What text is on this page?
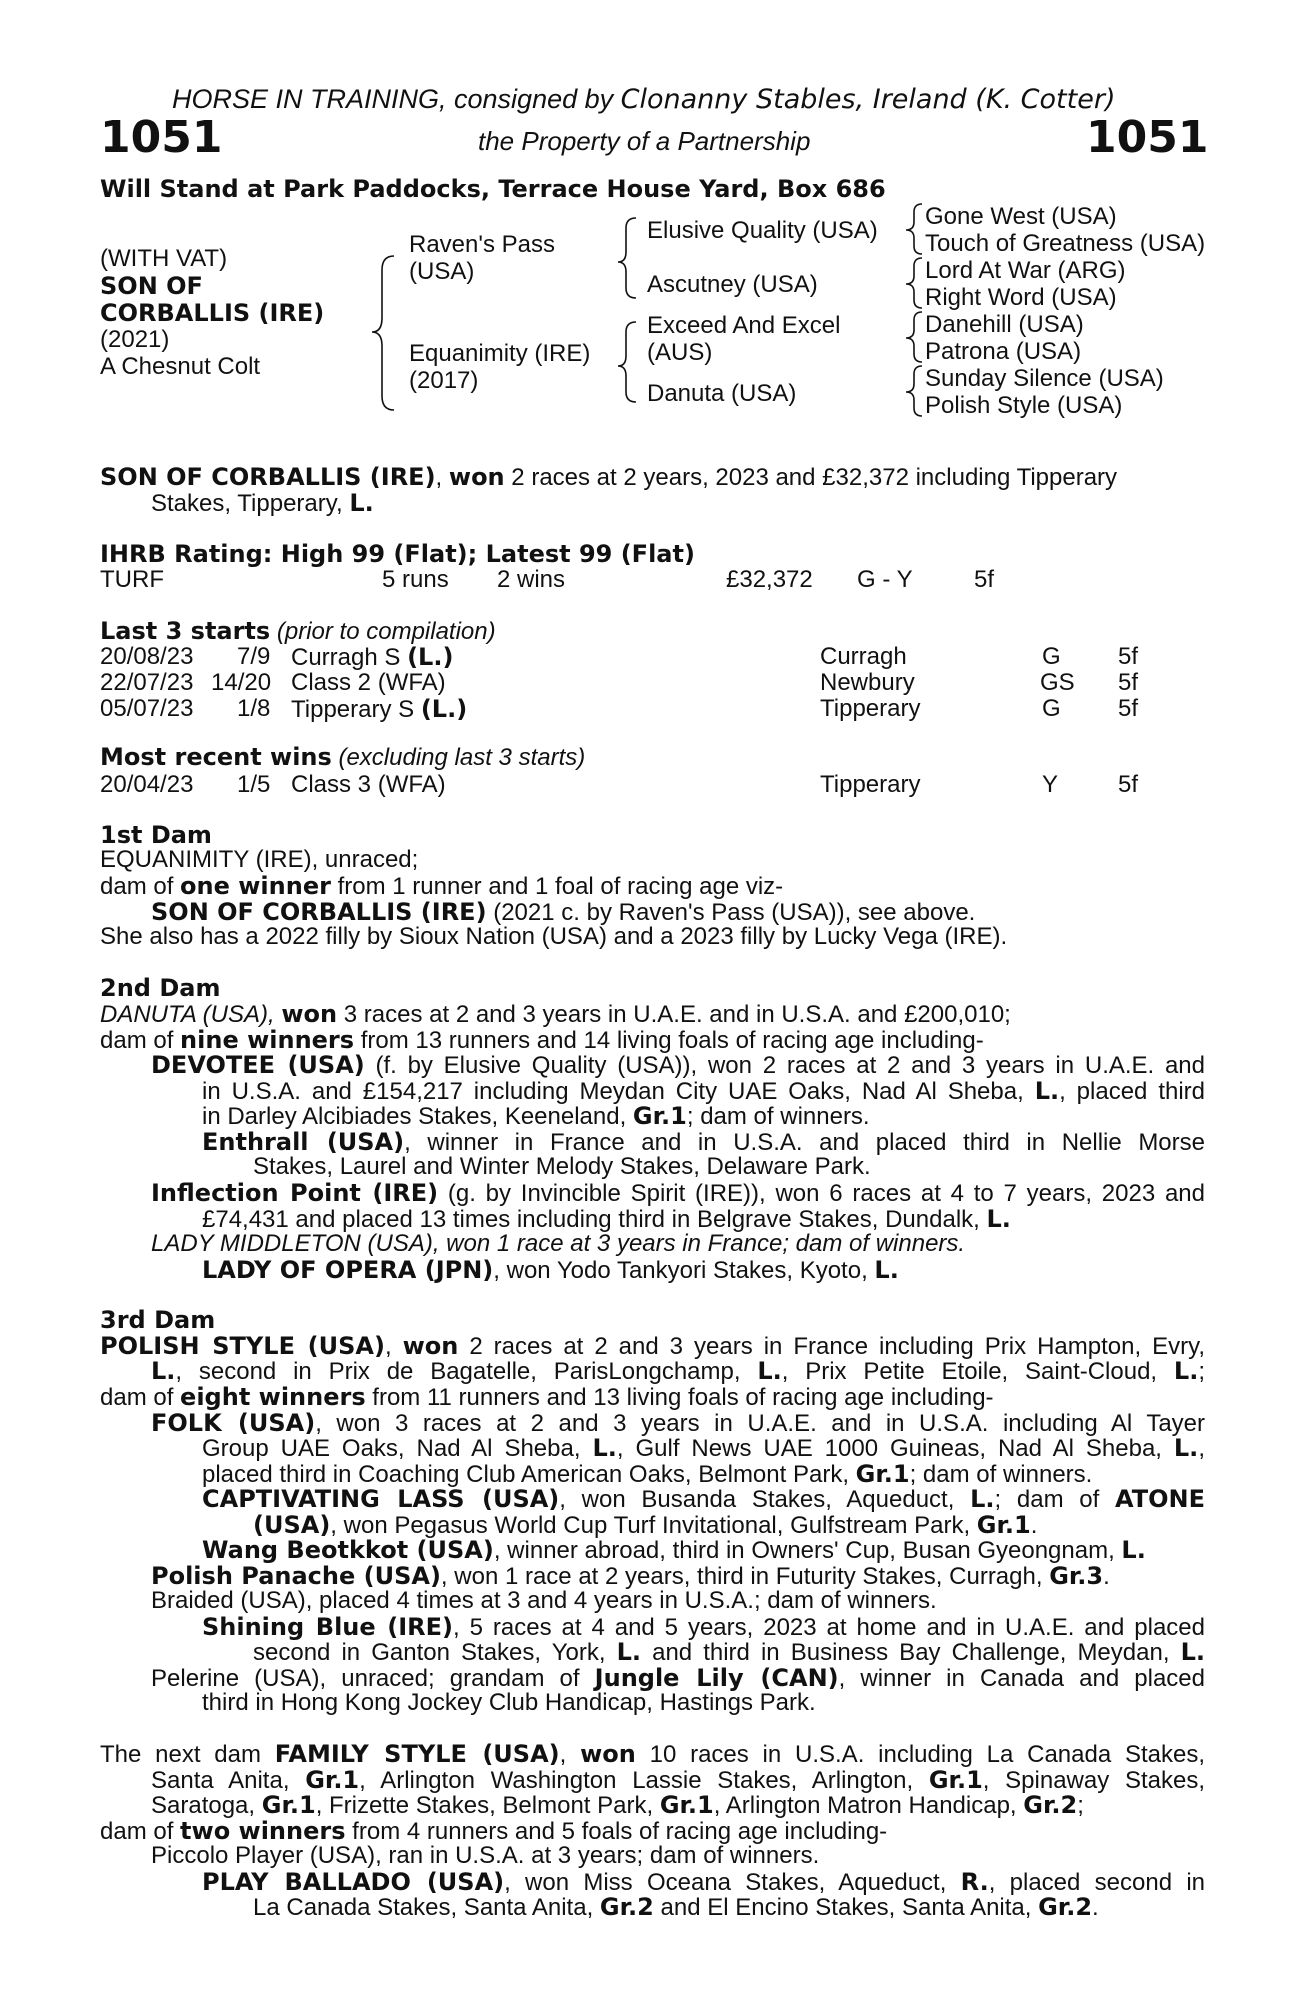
HORSE IN TRAINING, consigned by Clonanny Stables, Ireland (K. Cotter)
1051	the Property of a Partnership	1051
Will Stand at Park Paddocks, Terrace House Yard, Box 686
(WITH VAT)
SON OF
CORBALLIS (IRE)
(2021)
A Chesnut Colt
Raven's Pass
(USA)
Equanimity (IRE)
(2017)
Elusive Quality (USA)
Ascutney (USA)
Exceed And Excel
(AUS)
Danuta (USA)
Gone West (USA)
Touch of Greatness (USA)
Lord At War (ARG)
Right Word (USA)
Danehill (USA)
Patrona (USA)
Sunday Silence (USA)
Polish Style (USA)
SON OF CORBALLIS (IRE), won 2 races at 2 years, 2023 and £32,372 including Tipperary
Stakes, Tipperary, L.
IHRB Rating: High 99 (Flat); Latest 99 (Flat)
TURF	5 runs 2 wins	£32,372 G - Y	5f
Last 3 starts (prior to compilation)
20/08/23 7/9 Curragh S (L.)	Curragh	G 5f
22/07/23 14/20 Class 2 (WFA)	Newbury	GS 5f
05/07/23 1/8 Tipperary S (L.)	Tipperary	G 5f
Most recent wins (excluding last 3 starts)
20/04/23 1/5 Class 3 (WFA)	Tipperary	Y 5f
1st Dam
EQUANIMITY (IRE), unraced;
dam of one winner from 1 runner and 1 foal of racing age viz-
SON OF CORBALLIS (IRE) (2021 c. by Raven's Pass (USA)), see above.
She also has a 2022 filly by Sioux Nation (USA) and a 2023 filly by Lucky Vega (IRE).
2nd Dam
DANUTA (USA), won 3 races at 2 and 3 years in U.A.E. and in U.S.A. and £200,010;
dam of nine winners from 13 runners and 14 living foals of racing age including-
DEVOTEE (USA) (f. by Elusive Quality (USA)), won 2 races at 2 and 3 years in U.A.E. and
in U.S.A. and £154,217 including Meydan City UAE Oaks, Nad Al Sheba, L., placed third
in Darley Alcibiades Stakes, Keeneland, Gr.1; dam of winners.
Enthrall (USA), winner in France and in U.S.A. and placed third in Nellie Morse
Stakes, Laurel and Winter Melody Stakes, Delaware Park.
Inflection Point (IRE) (g. by Invincible Spirit (IRE)), won 6 races at 4 to 7 years, 2023 and
£74,431 and placed 13 times including third in Belgrave Stakes, Dundalk, L.
LADY MIDDLETON (USA), won 1 race at 3 years in France; dam of winners.
LADY OF OPERA (JPN), won Yodo Tankyori Stakes, Kyoto, L.
3rd Dam
POLISH STYLE (USA), won 2 races at 2 and 3 years in France including Prix Hampton, Evry,
L., second in Prix de Bagatelle, ParisLongchamp, L., Prix Petite Etoile, Saint-Cloud, L.;
dam of eight winners from 11 runners and 13 living foals of racing age including-
FOLK (USA), won 3 races at 2 and 3 years in U.A.E. and in U.S.A. including Al Tayer
Group UAE Oaks, Nad Al Sheba, L., Gulf News UAE 1000 Guineas, Nad Al Sheba, L.,
placed third in Coaching Club American Oaks, Belmont Park, Gr.1; dam of winners.
CAPTIVATING LASS (USA), won Busanda Stakes, Aqueduct, L.; dam of ATONE
(USA), won Pegasus World Cup Turf Invitational, Gulfstream Park, Gr.1.
Wang Beotkkot (USA), winner abroad, third in Owners' Cup, Busan Gyeongnam, L.
Polish Panache (USA), won 1 race at 2 years, third in Futurity Stakes, Curragh, Gr.3.
Braided (USA), placed 4 times at 3 and 4 years in U.S.A.; dam of winners.
Shining Blue (IRE), 5 races at 4 and 5 years, 2023 at home and in U.A.E. and placed
second in Ganton Stakes, York, L. and third in Business Bay Challenge, Meydan, L.
Pelerine (USA), unraced; grandam of Jungle Lily (CAN), winner in Canada and placed
third in Hong Kong Jockey Club Handicap, Hastings Park.
The next dam FAMILY STYLE (USA), won 10 races in U.S.A. including La Canada Stakes,
Santa Anita, Gr.1, Arlington Washington Lassie Stakes, Arlington, Gr.1, Spinaway Stakes,
Saratoga, Gr.1, Frizette Stakes, Belmont Park, Gr.1, Arlington Matron Handicap, Gr.2;
dam of two winners from 4 runners and 5 foals of racing age including-
Piccolo Player (USA), ran in U.S.A. at 3 years; dam of winners.
PLAY BALLADO (USA), won Miss Oceana Stakes, Aqueduct, R., placed second in
La Canada Stakes, Santa Anita, Gr.2 and El Encino Stakes, Santa Anita, Gr.2.
